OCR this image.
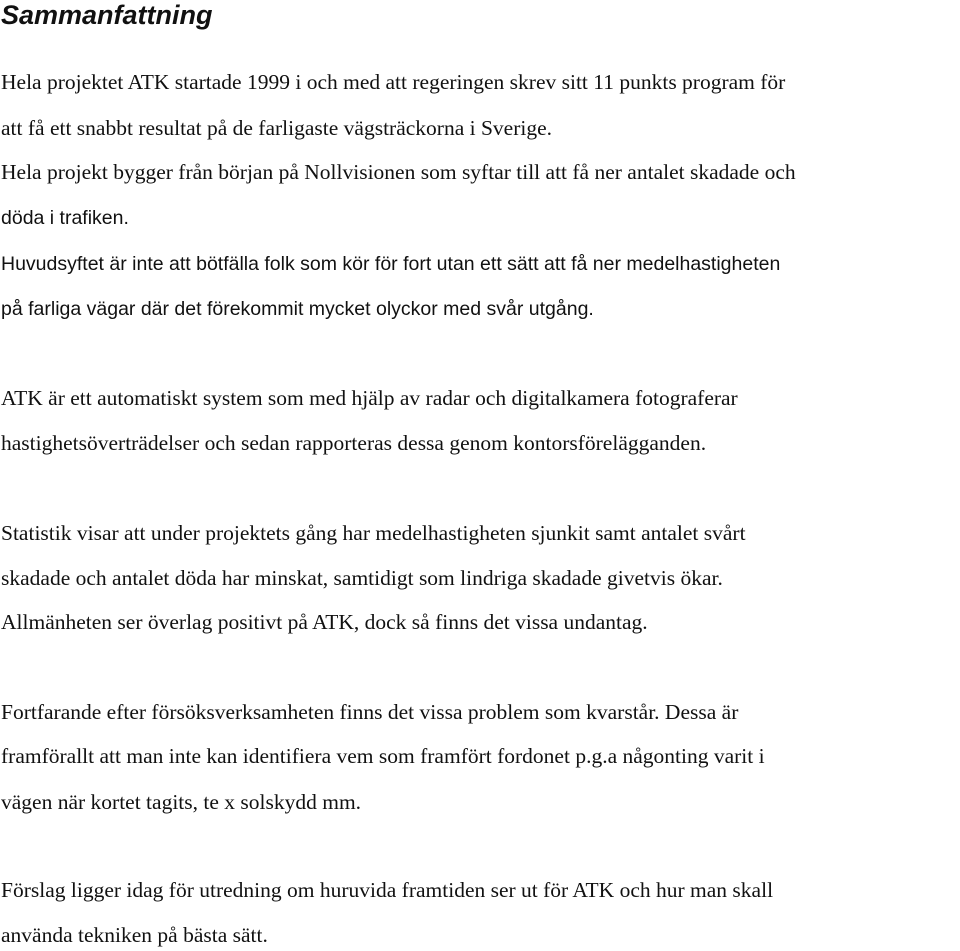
Sammanfattning

Hela projektet ATK startade 1999 i och med att regeringen skrev sitt 11 punkts program för

att få ett snabbt resultat på de farligaste vägsträckorna i Sverige.

Hela projekt bygger från början på Nollvisionen som syftar till att få ner antalet skadade och

döda i trafiken.

Huvudsyftet är inte att bötfälla folk som kör för fort utan ett sätt att få ner medelhastigheten

på farliga vägar där det förekommit mycket olyckor med svår utgång.

ATK är ett automatiskt system som med hjälp av radar och digitalkamera fotograferar

hastighetsöverträdelser och sedan rapporteras dessa genom kontorsförelägganden.

Statistik visar att under projektets gång har medelhastigheten sjunkit samt antalet svårt

skadade och antalet döda har minskat, samtidigt som lindriga skadade givetvis ökar.

Allmänheten ser överlag positivt på ATK, dock så finns det vissa undantag.

Fortfarande efter försöksverksamheten finns det vissa problem som kvarstår. Dessa är

framförallt att man inte kan identifiera vem som framfört fordonet p.g.a någonting varit i

vägen när kortet tagits, te x solskydd mm.

Förslag ligger idag för utredning om huruvida framtiden ser ut för ATK och hur man skall

använda tekniken på bästa sätt.
